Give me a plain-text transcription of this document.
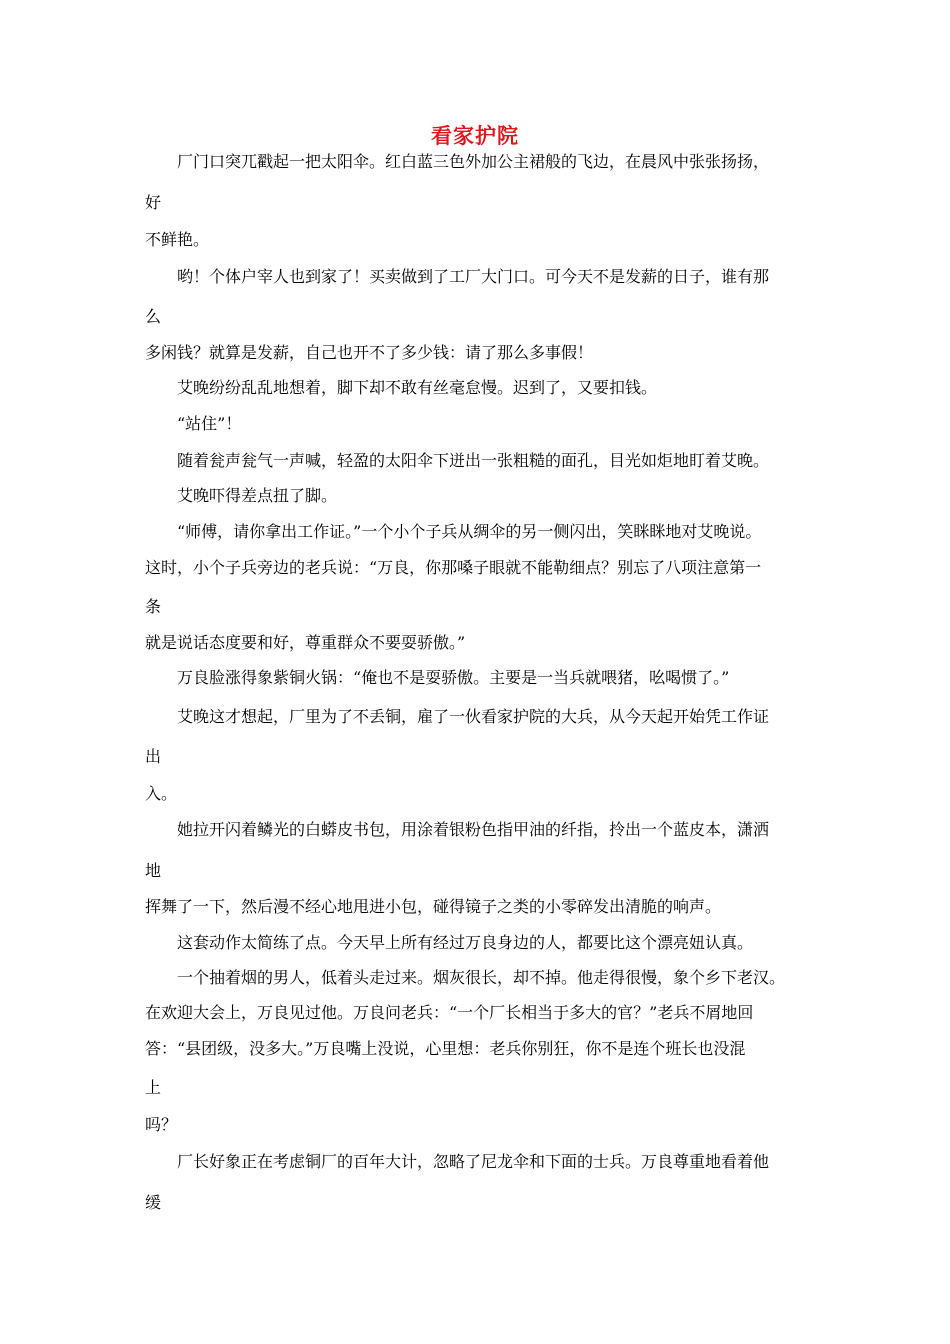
看家护院

厂门口突兀戳起一把太阳伞。红白蓝三色外加公主裙般的飞边，在晨风中张张扬扬，

好

不鲜艳。

哟！个体户宰人也到家了！买卖做到了工厂大门口。可今天不是发薪的日子，谁有那

么

多闲钱？就算是发薪，自己也开不了多少钱：请了那么多事假！

艾晚纷纷乱乱地想着，脚下却不敢有丝毫怠慢。迟到了，又要扣钱。

“站住”！

随着瓮声瓮气一声喊，轻盈的太阳伞下迸出一张粗糙的面孔，目光如炬地盯着艾晚。

艾晚吓得差点扭了脚。

“师傅，请你拿出工作证。”一个小个子兵从绸伞的另一侧闪出，笑眯眯地对艾晚说。

这时，小个子兵旁边的老兵说：“万良，你那嗓子眼就不能勒细点？别忘了八项注意第一

条

就是说话态度要和好，尊重群众不要耍骄傲。”

万良脸涨得象紫铜火锅：“俺也不是耍骄傲。主要是一当兵就喂猪，吆喝惯了。”

艾晚这才想起，厂里为了不丢铜，雇了一伙看家护院的大兵，从今天起开始凭工作证

出

入。

她拉开闪着鳞光的白蟒皮书包，用涂着银粉色指甲油的纤指，拎出一个蓝皮本，潇洒

地

挥舞了一下，然后漫不经心地甩进小包，碰得镜子之类的小零碎发出清脆的响声。

这套动作太简练了点。今天早上所有经过万良身边的人，都要比这个漂亮妞认真。

一个抽着烟的男人，低着头走过来。烟灰很长，却不掉。他走得很慢，象个乡下老汉。

在欢迎大会上，万良见过他。万良问老兵：“一个厂长相当于多大的官？”老兵不屑地回

答：“县团级，没多大。”万良嘴上没说，心里想：老兵你别狂，你不是连个班长也没混

上

吗？

厂长好象正在考虑铜厂的百年大计，忽略了尼龙伞和下面的士兵。万良尊重地看着他

缓
